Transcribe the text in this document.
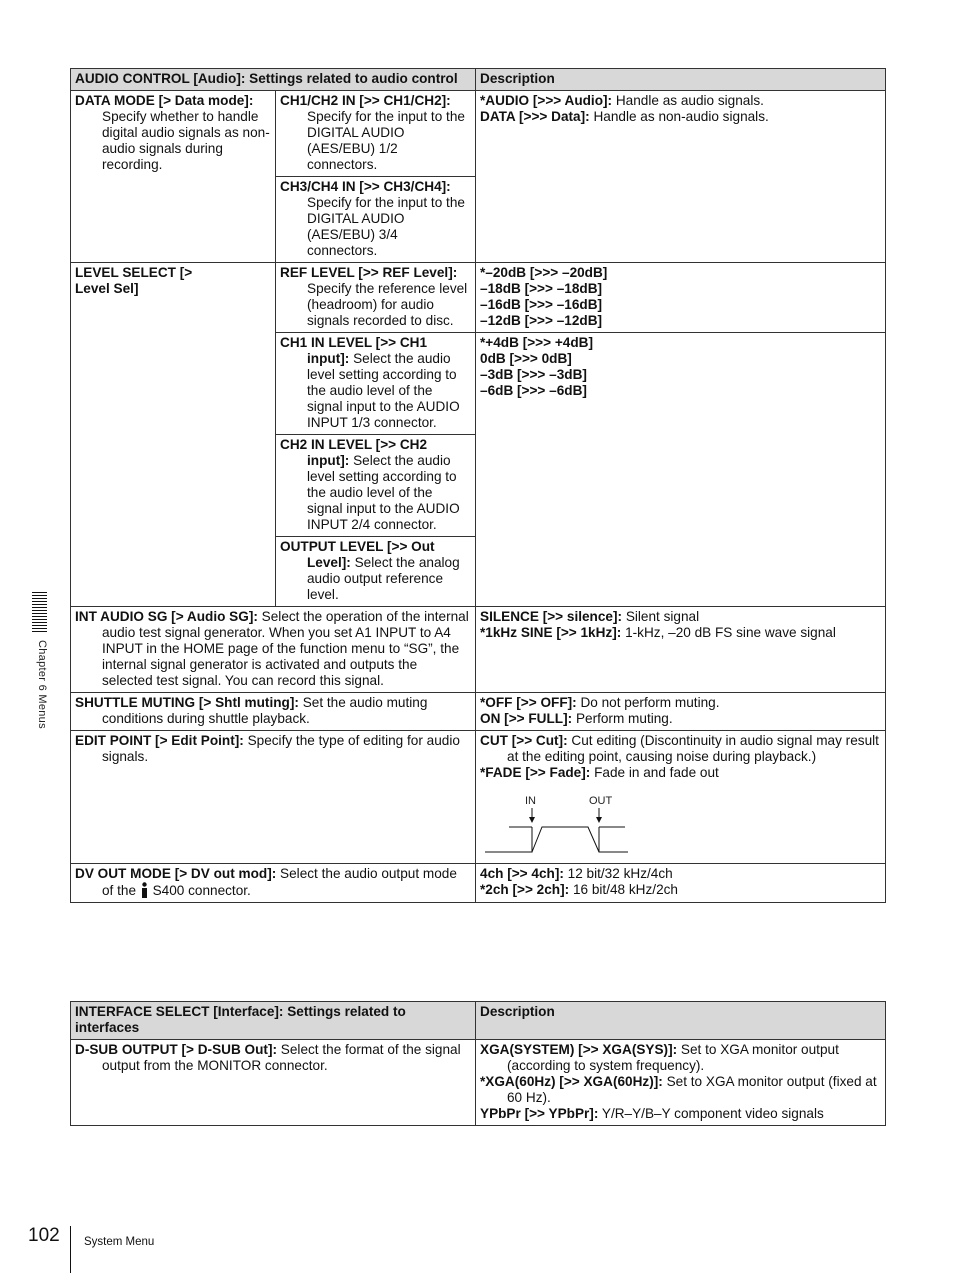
AUDIO CONTROL [Audio]: Settings related to audio control		Description

DATA MODE [> Data mode]:
Specify whether to handle digital audio signals as non-audio signals during recording.	CH1/CH2 IN [>> CH1/CH2]:
Specify for the input to the DIGITAL AUDIO (AES/EBU) 1/2 connectors.	*AUDIO [>>> Audio]: Handle as audio signals.
DATA [>>> Data]: Handle as non-audio signals.

	CH3/CH4 IN [>> CH3/CH4]:
Specify for the input to the DIGITAL AUDIO (AES/EBU) 3/4 connectors.	

LEVEL SELECT [> Level Sel]	REF LEVEL [>> REF Level]:
Specify the reference level (headroom) for audio signals recorded to disc.	*–20dB [>>> –20dB]
–18dB [>>> –18dB]
–16dB [>>> –16dB]
–12dB [>>> –12dB]

	CH1 IN LEVEL [>> CH1 input]: Select the audio level setting according to the audio level of the signal input to the AUDIO INPUT 1/3 connector.	*+4dB [>>> +4dB]
0dB [>>> 0dB]
–3dB [>>> –3dB]
–6dB [>>> –6dB]

	CH2 IN LEVEL [>> CH2 input]: Select the audio level setting according to the audio level of the signal input to the AUDIO INPUT 2/4 connector.	

	OUTPUT LEVEL [>> Out Level]: Select the analog audio output reference level.	

INT AUDIO SG [> Audio SG]: Select the operation of the internal audio test signal generator. When you set A1 INPUT to A4 INPUT in the HOME page of the function menu to “SG”, the internal signal generator is activated and outputs the selected test signal. You can record this signal.		SILENCE [>> silence]: Silent signal
*1kHz SINE [>> 1kHz]: 1-kHz, –20 dB FS sine wave signal

SHUTTLE MUTING [> Shtl muting]: Set the audio muting conditions during shuttle playback.		*OFF [>> OFF]: Do not perform muting.
ON [>> FULL]: Perform muting.

EDIT POINT [> Edit Point]: Specify the type of editing for audio signals.		CUT [>> Cut]: Cut editing (Discontinuity in audio signal may result at the editing point, causing noise during playback.)
*FADE [>> Fade]: Fade in and fade out
IN OUT

DV OUT MODE [> DV out mod]: Select the audio output mode of the S400 connector.		4ch [>> 4ch]: 12 bit/32 kHz/4ch
*2ch [>> 2ch]: 16 bit/48 kHz/2ch
INTERFACE SELECT [Interface]: Settings related to interfaces	Description

D-SUB OUTPUT [> D-SUB Out]: Select the format of the signal output from the MONITOR connector.	XGA(SYSTEM) [>> XGA(SYS)]: Set to XGA monitor output (according to system frequency).
*XGA(60Hz) [>> XGA(60Hz)]: Set to XGA monitor output (fixed at 60 Hz).
YPbPr [>> YPbPr]: Y/R–Y/B–Y component video signals
Chapter 6 Menus
102 System Menu
